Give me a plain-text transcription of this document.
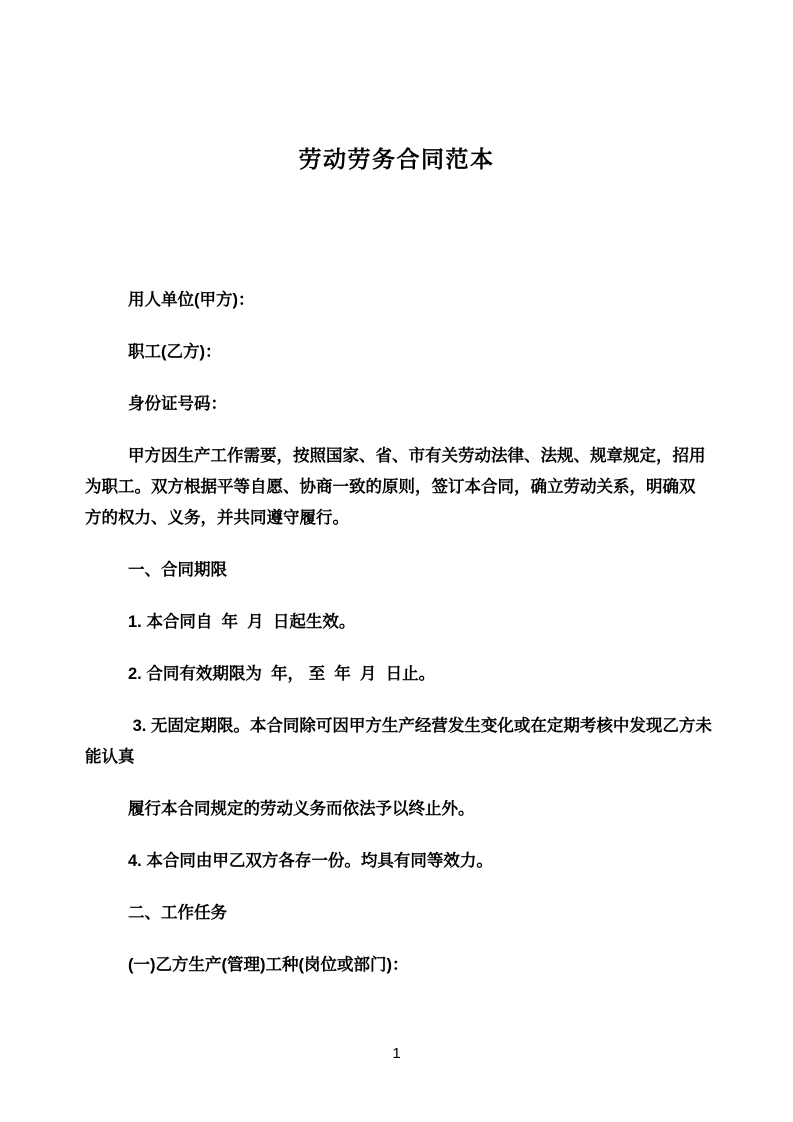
劳动劳务合同范本
用人单位(甲方)：
职工(乙方)：
身份证号码：
甲方因生产工作需要，按照国家、省、市有关劳动法律、法规、规章规定，招用
为职工。双方根据平等自愿、协商一致的原则，签订本合同，确立劳动关系，明确双
方的权力、义务，并共同遵守履行。
一、合同期限
1. 本合同自  年  月  日起生效。
2. 合同有效期限为  年， 至  年  月  日止。
3. 无固定期限。本合同除可因甲方生产经营发生变化或在定期考核中发现乙方未
能认真
履行本合同规定的劳动义务而依法予以终止外。
4. 本合同由甲乙双方各存一份。均具有同等效力。
二、工作任务
(一)乙方生产(管理)工种(岗位或部门)：
1
